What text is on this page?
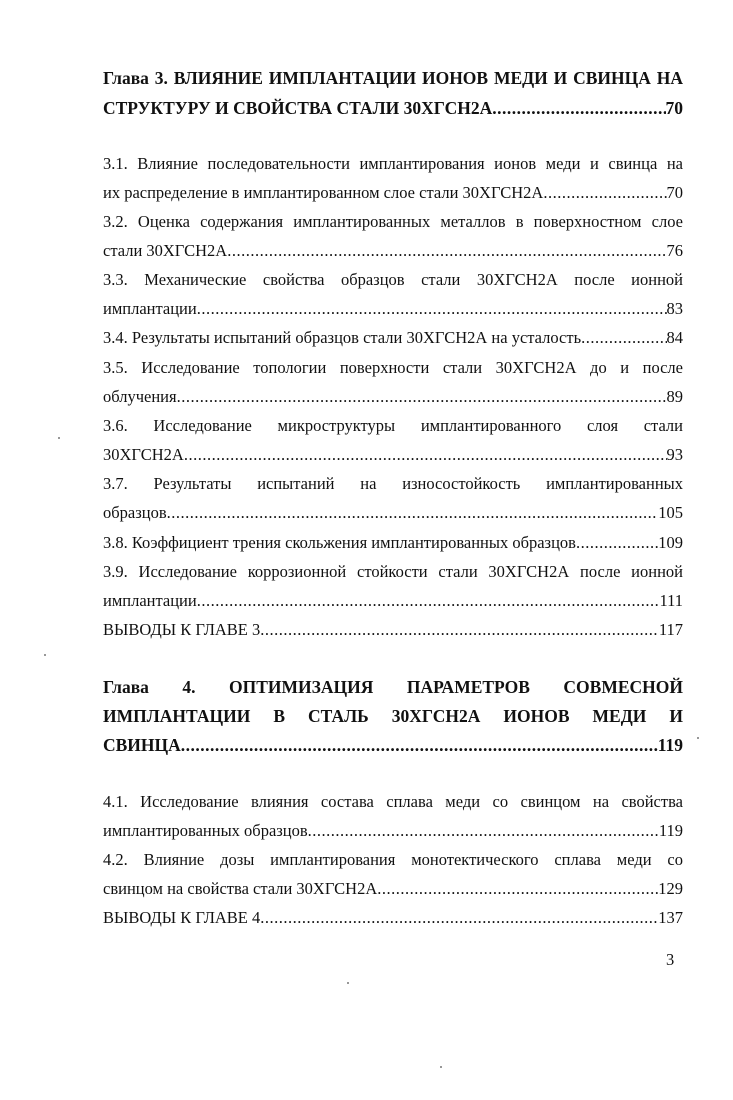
Глава 3. ВЛИЯНИЕ ИМПЛАНТАЦИИ ИОНОВ МЕДИ И СВИНЦА НА
СТРУКТУРУ И СВОЙСТВА СТАЛИ 30ХГСН2А .....	70
3.1. Влияние последовательности имплантирования ионов меди и свинца на
их распределение в имплантированном слое стали 30ХГСН2А .....	70
3.2. Оценка содержания имплантированных металлов в поверхностном слое
стали 30ХГСН2А .....	76
3.3. Механические свойства образцов стали 30ХГСН2А после ионной
имплантации .....	83
3.4. Результаты испытаний образцов стали 30ХГСН2А на усталость .....	84
3.5. Исследование топологии поверхности стали 30ХГСН2А до и после
облучения .....	89
3.6. Исследование микроструктуры имплантированного слоя стали
30ХГСН2А .....	93
3.7. Результаты испытаний на износостойкость имплантированных
образцов .....	105
3.8. Коэффициент трения скольжения имплантированных образцов .....	109
3.9. Исследование коррозионной стойкости стали 30ХГСН2А после ионной
имплантации .....	111
ВЫВОДЫ К ГЛАВЕ 3 .....	117
Глава 4. ОПТИМИЗАЦИЯ ПАРАМЕТРОВ СОВМЕСНОЙ
ИМПЛАНТАЦИИ В СТАЛЬ 30ХГСН2А ИОНОВ МЕДИ И
СВИНЦА .....	119
4.1. Исследование влияния состава сплава меди со свинцом на свойства
имплантированных образцов .....	119
4.2. Влияние дозы имплантирования монотектического сплава меди со
свинцом на свойства стали 30ХГСН2А .....	129
ВЫВОДЫ К ГЛАВЕ 4 .....	137
3
